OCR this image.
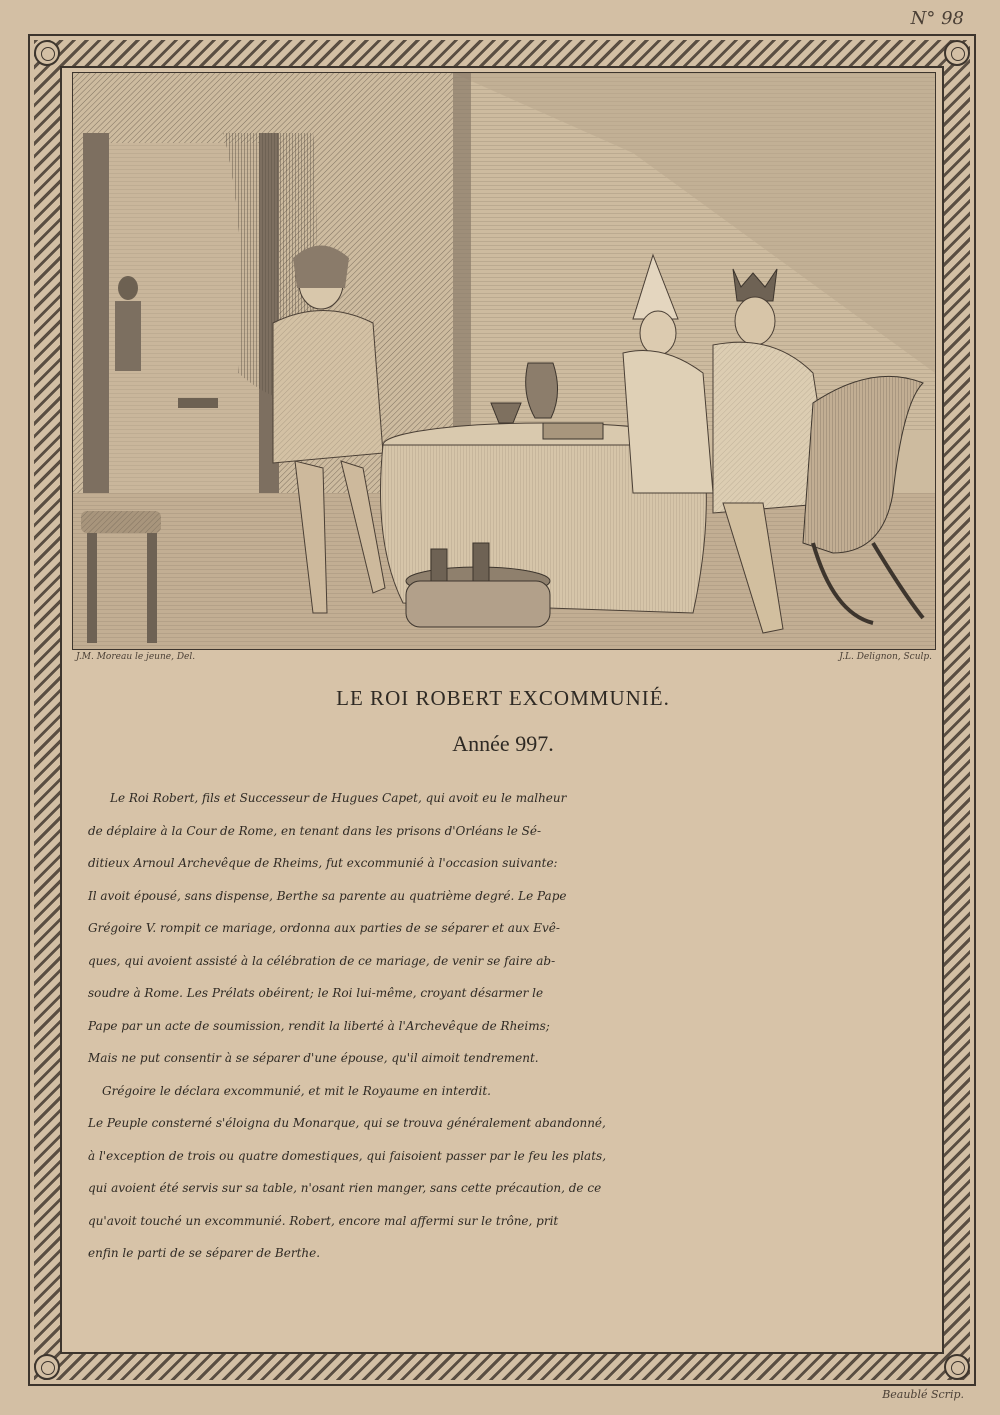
N° 98
J.M. Moreau le jeune, Del.	J.L. Delignon, Sculp.
LE ROI ROBERT EXCOMMUNIÉ.
Année 997.
Le Roi Robert, fils et Successeur de Hugues Capet, qui avoit eu le malheur
de déplaire à la Cour de Rome, en tenant dans les prisons d'Orléans le Sé-
ditieux Arnoul Archevêque de Rheims, fut excommunié à l'occasion suivante:
Il avoit épousé, sans dispense, Berthe sa parente au quatrième degré. Le Pape
Grégoire V. rompit ce mariage, ordonna aux parties de se séparer et aux Evê-
ques, qui avoient assisté à la célébration de ce mariage, de venir se faire ab-
soudre à Rome. Les Prélats obéirent; le Roi lui-même, croyant désarmer le
Pape par un acte de soumission, rendit la liberté à l'Archevêque de Rheims;
Mais ne put consentir à se séparer d'une épouse, qu'il aimoit tendrement.
Grégoire le déclara excommunié, et mit le Royaume en interdit.
Le Peuple consterné s'éloigna du Monarque, qui se trouva généralement abandonné,
à l'exception de trois ou quatre domestiques, qui faisoient passer par le feu les plats,
qui avoient été servis sur sa table, n'osant rien manger, sans cette précaution, de ce
qu'avoit touché un excommunié. Robert, encore mal affermi sur le trône, prit
enfin le parti de se séparer de Berthe.
Beaublé Scrip.
